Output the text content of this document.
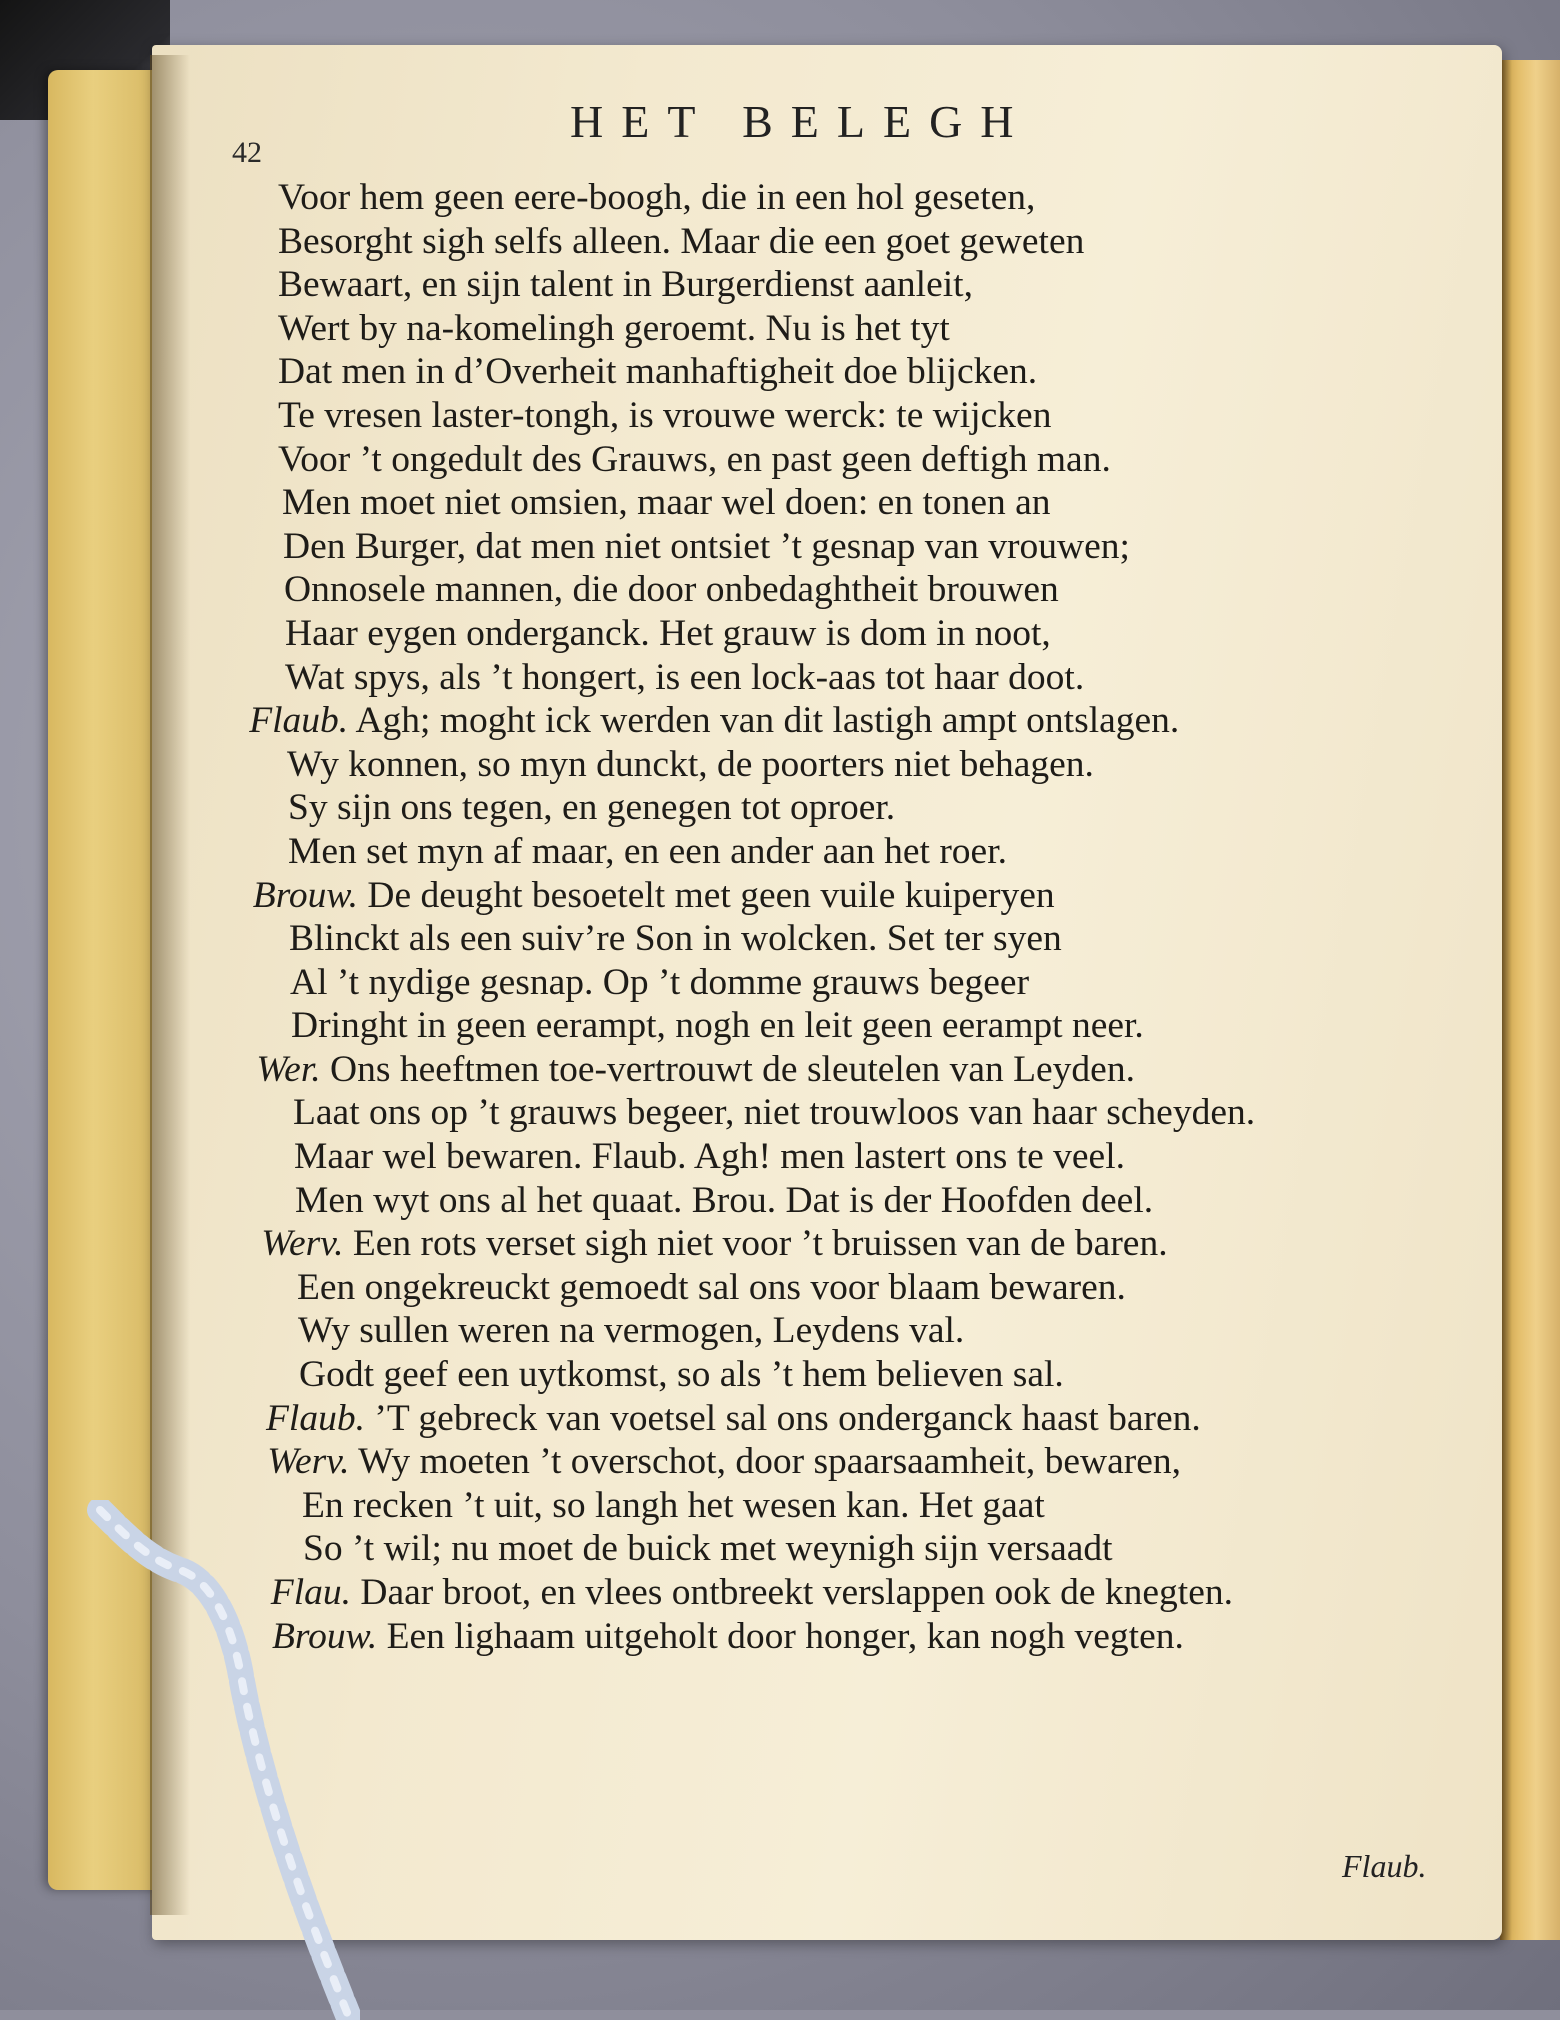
HET BELEGH
42
Voor hem geen eere-boogh, die in een hol geseten,
Besorght sigh selfs alleen. Maar die een goet geweten
Bewaart, en sijn talent in Burgerdienst aanleit,
Wert by na-komelingh geroemt. Nu is het tyt
Dat men in d’Overheit manhaftigheit doe blijcken.
Te vresen laster-tongh, is vrouwe werck: te wijcken
Voor ’t ongedult des Grauws, en past geen deftigh man.
Men moet niet omsien, maar wel doen: en tonen an
Den Burger, dat men niet ontsiet ’t gesnap van vrouwen;
Onnosele mannen, die door onbedaghtheit brouwen
Haar eygen onderganck. Het grauw is dom in noot,
Wat spys, als ’t hongert, is een lock-aas tot haar doot.
Flaub. Agh; moght ick werden van dit lastigh ampt ontslagen.
Wy konnen, so myn dunckt, de poorters niet behagen.
Sy sijn ons tegen, en genegen tot oproer.
Men set myn af maar, en een ander aan het roer.
Brouw. De deught besoetelt met geen vuile kuiperyen
Blinckt als een suiv’re Son in wolcken. Set ter syen
Al ’t nydige gesnap. Op ’t domme grauws begeer
Dringht in geen eerampt, nogh en leit geen eerampt neer.
Wer. Ons heeftmen toe-vertrouwt de sleutelen van Leyden.
Laat ons op ’t grauws begeer, niet trouwloos van haar scheyden.
Maar wel bewaren. Flaub. Agh! men lastert ons te veel.
Men wyt ons al het quaat. Brou. Dat is der Hoofden deel.
Werv. Een rots verset sigh niet voor ’t bruissen van de baren.
Een ongekreuckt gemoedt sal ons voor blaam bewaren.
Wy sullen weren na vermogen, Leydens val.
Godt geef een uytkomst, so als ’t hem believen sal.
Flaub. ’T gebreck van voetsel sal ons onderganck haast baren.
Werv. Wy moeten ’t overschot, door spaarsaamheit, bewaren,
En recken ’t uit, so langh het wesen kan. Het gaat
So ’t wil; nu moet de buick met weynigh sijn versaadt
Flau. Daar broot, en vlees ontbreekt verslappen ook de knegten.
Brouw. Een lighaam uitgeholt door honger, kan nogh vegten.
Flaub.
